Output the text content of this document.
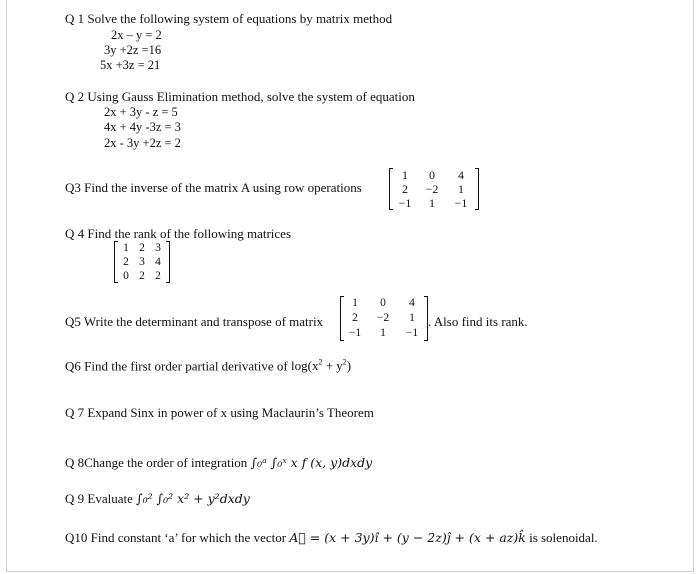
Q 1 Solve the following system of equations by matrix method
2x – y = 2
3y +2z =16
5x +3z = 21
Q 2 Using Gauss Elimination method, solve the system of equation
2x + 3y - z = 5
4x + 4y -3z = 3
2x - 3y +2z = 2
Q3 Find the inverse of the matrix A using row operations
1	0	4
2	−2	1
−1	1	−1
Q 4 Find the rank of the following matrices
1 2 3
2 3 4
0 2 2
Q5 Write the determinant and transpose of matrix
1	0	4
2	−2	1
−1	1	−1
. Also find its rank.
Q6 Find the first order partial derivative of $\log(x^2 + y^2)$
Q 7 Expand Sinx in power of x using Maclaurin’s Theorem
Q 8Change the order of integration ∫₀ᵃ ∫₀ˣ x f (x, y)dxdy
Q 9 Evaluate ∫₀² ∫₀² x² + y²dxdy
Q10 Find constant ‘a’ for which the vector A⃗ = (x + 3y)î + (y − 2z)ĵ + (x + az)k̂ is solenoidal.
